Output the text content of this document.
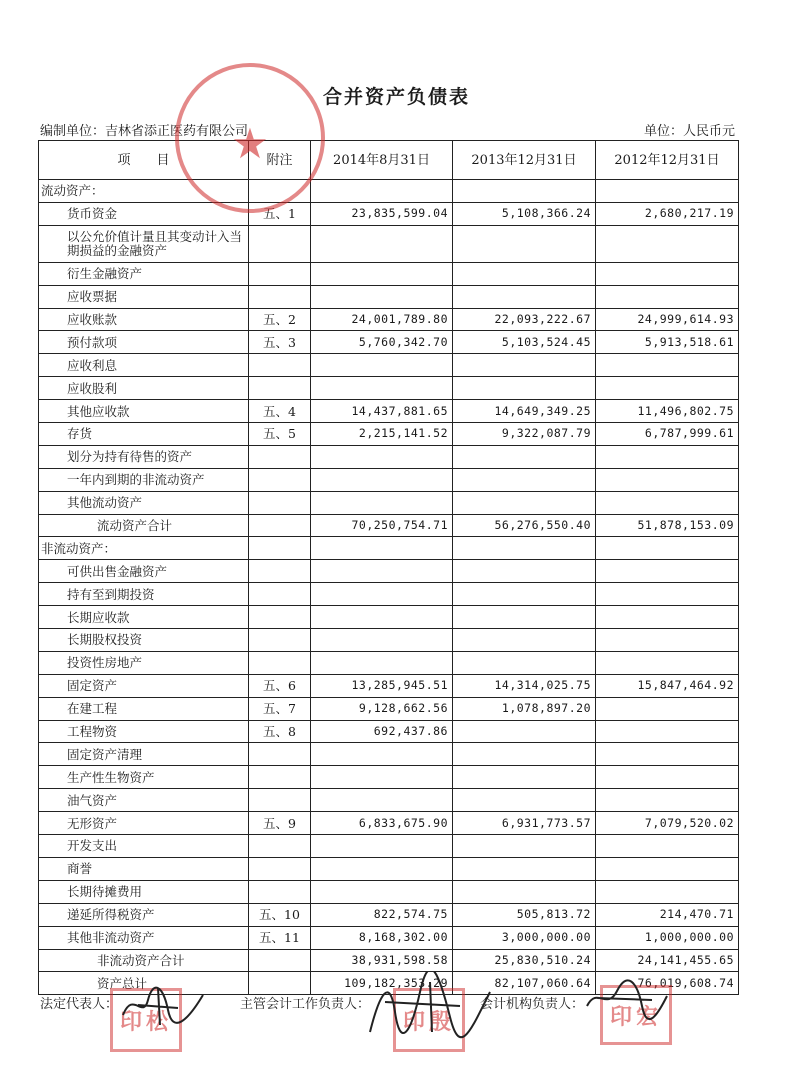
合并资产负债表
编制单位：吉林省添正医药有限公司	单位：人民币元
项　　目	附注	2014年8月31日	2013年12月31日	2012年12月31日
流动资产：				
货币资金	五、1	23,835,599.04	5,108,366.24	2,680,217.19
以公允价值计量且其变动计入当期损益的金融资产				
衍生金融资产				
应收票据				
应收账款	五、2	24,001,789.80	22,093,222.67	24,999,614.93
预付款项	五、3	5,760,342.70	5,103,524.45	5,913,518.61
应收利息				
应收股利				
其他应收款	五、4	14,437,881.65	14,649,349.25	11,496,802.75
存货	五、5	2,215,141.52	9,322,087.79	6,787,999.61
划分为持有待售的资产				
一年内到期的非流动资产				
其他流动资产				
流动资产合计		70,250,754.71	56,276,550.40	51,878,153.09
非流动资产：				
可供出售金融资产				
持有至到期投资				
长期应收款				
长期股权投资				
投资性房地产				
固定资产	五、6	13,285,945.51	14,314,025.75	15,847,464.92
在建工程	五、7	9,128,662.56	1,078,897.20	
工程物资	五、8	692,437.86		
固定资产清理				
生产性生物资产				
油气资产				
无形资产	五、9	6,833,675.90	6,931,773.57	7,079,520.02
开发支出				
商誉				
长期待摊费用				
递延所得税资产	五、10	822,574.75	505,813.72	214,470.71
其他非流动资产	五、11	8,168,302.00	3,000,000.00	1,000,000.00
非流动资产合计		38,931,598.58	25,830,510.24	24,141,455.65
资产总计		109,182,353.29	82,107,060.64	76,019,608.74
法定代表人：	主管会计工作负责人：	会计机构负责人：
★
印松	印殷	印宏
